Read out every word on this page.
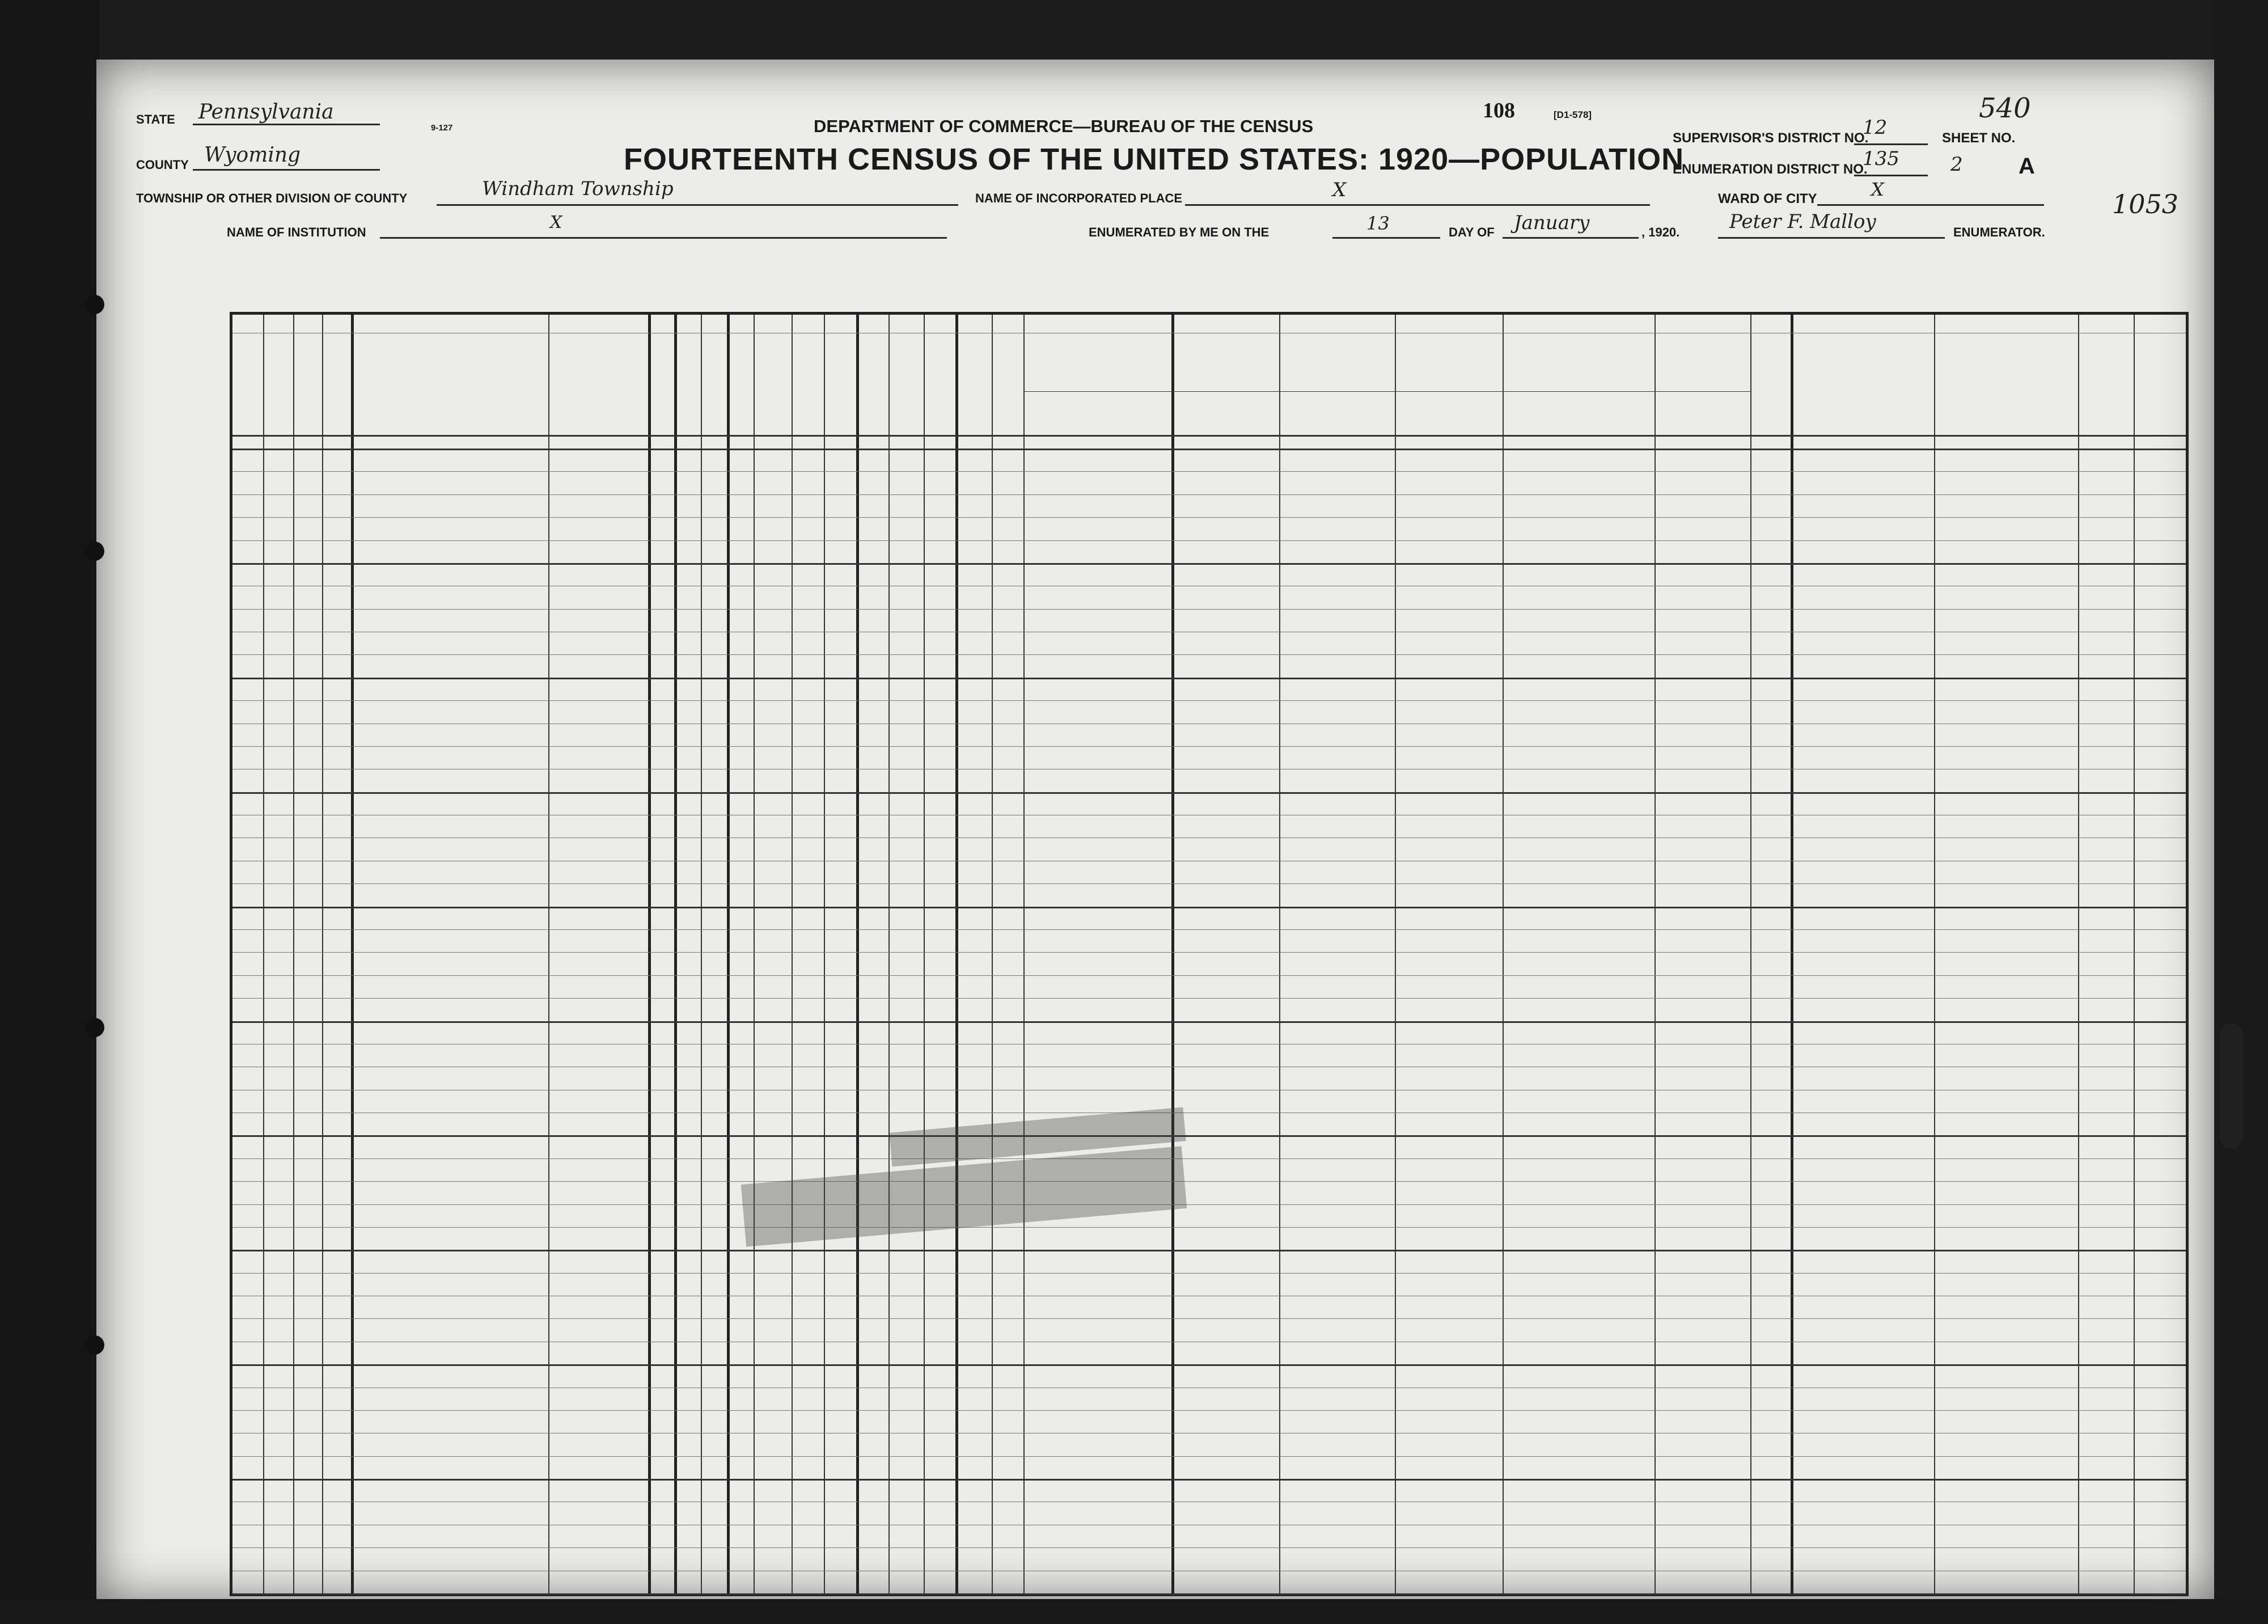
540
1053
STATE Pennsylvania
COUNTY Wyoming
9-127	DEPARTMENT OF COMMERCE—BUREAU OF THE CENSUS
108	[D1-578]
FOURTEENTH CENSUS OF THE UNITED STATES: 1920—POPULATION
SUPERVISOR'S DISTRICT NO.
12
ENUMERATION DISTRICT NO.
135
SHEET NO.
2 A
WARD OF CITY	X
TOWNSHIP OR OTHER DIVISION OF COUNTY	Windham Township	NAME OF INCORPORATED PLACE	X
NAME OF INSTITUTION	X	ENUMERATED BY ME ON THE	13	DAY OF January	, 1920.	Peter F. Malloy	ENUMERATOR.
